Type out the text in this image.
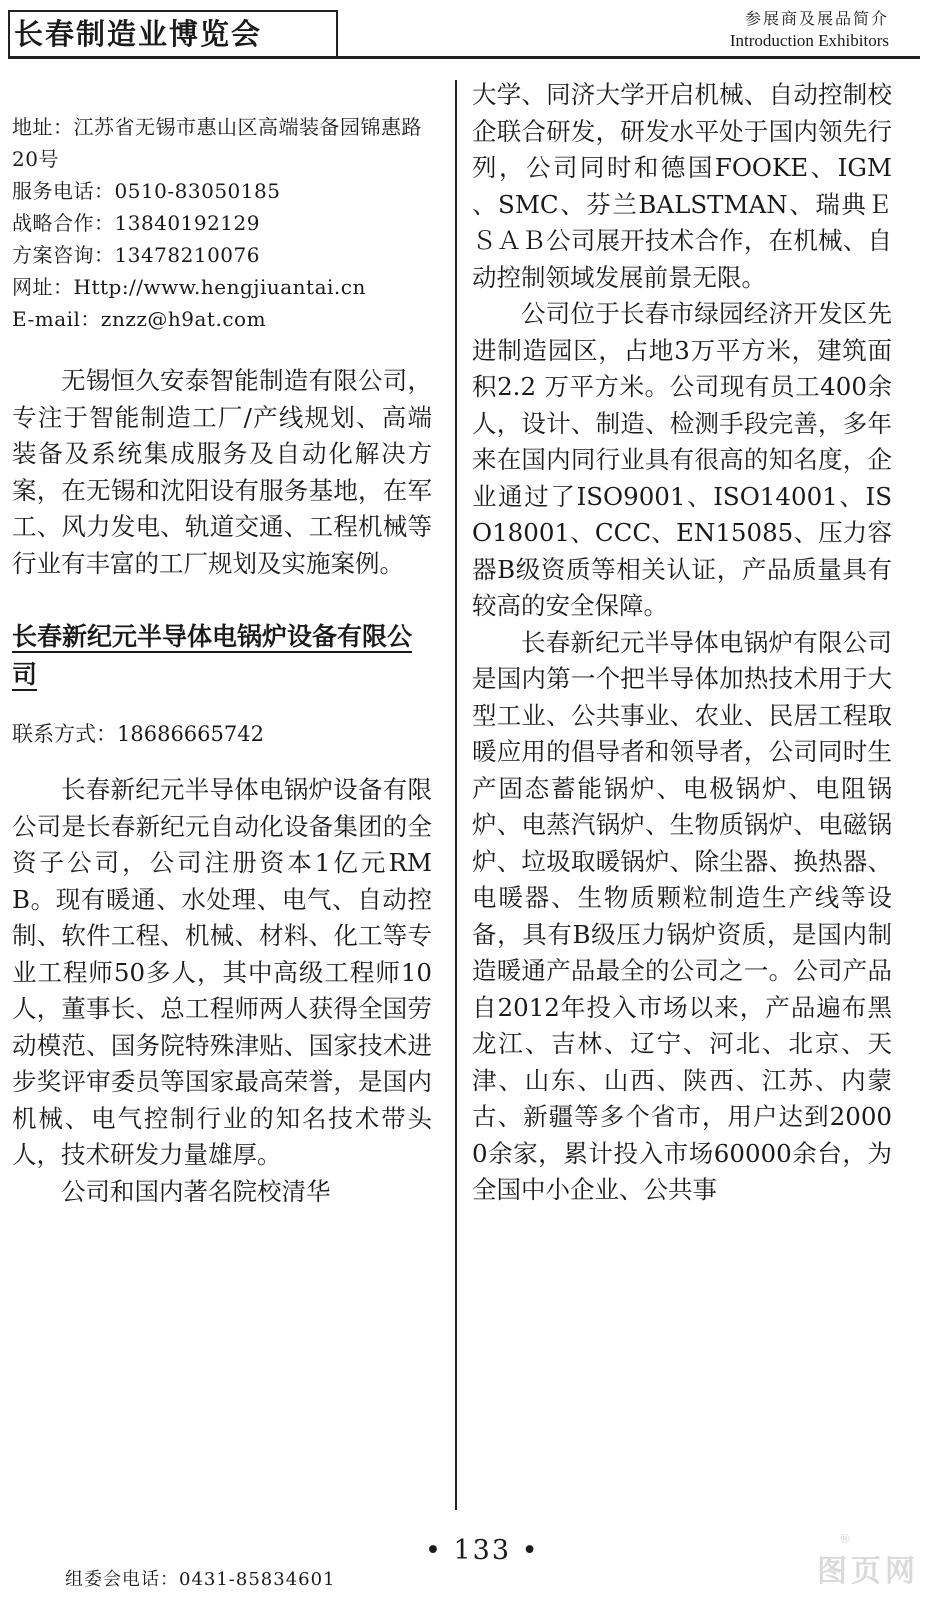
长春制造业博览会	参展商及展品简介
Introduction Exhibitors
地址：江苏省无锡市惠山区高端装备园锦惠路20号
服务电话：0510-83050185
战略合作：13840192129
方案咨询：13478210076
网址：Http://www.hengjiuantai.cn
E-mail：znzz@h9at.com

无锡恒久安泰智能制造有限公司，专注于智能制造工厂/产线规划、高端装备及系统集成服务及自动化解决方案，在无锡和沈阳设有服务基地，在军工、风力发电、轨道交通、工程机械等行业有丰富的工厂规划及实施案例。

长春新纪元半导体电锅炉设备有限公司
联系方式：18686665742

长春新纪元半导体电锅炉设备有限公司是长春新纪元自动化设备集团的全资子公司，公司注册资本1亿元RMB。现有暖通、水处理、电气、自动控制、软件工程、机械、材料、化工等专业工程师50多人，其中高级工程师10人，董事长、总工程师两人获得全国劳动模范、国务院特殊津贴、国家技术进步奖评审委员等国家最高荣誉，是国内机械、电气控制行业的知名技术带头人，技术研发力量雄厚。

公司和国内著名院校清华

大学、同济大学开启机械、自动控制校企联合研发，研发水平处于国内领先行列，公司同时和德国FOOKE、IGM 、SMC、芬兰BALSTMAN、瑞典ＥＳＡＢ公司展开技术合作，在机械、自动控制领域发展前景无限。

公司位于长春市绿园经济开发区先进制造园区，占地3万平方米，建筑面积2.2 万平方米。公司现有员工400余人，设计、制造、检测手段完善，多年来在国内同行业具有很高的知名度，企业通过了ISO9001、ISO14001、ISO18001、CCC、EN15085、压力容器B级资质等相关认证，产品质量具有较高的安全保障。

长春新纪元半导体电锅炉有限公司是国内第一个把半导体加热技术用于大型工业、公共事业、农业、民居工程取暖应用的倡导者和领导者，公司同时生产固态蓄能锅炉、电极锅炉、电阻锅炉、电蒸汽锅炉、生物质锅炉、电磁锅炉、垃圾取暖锅炉、除尘器、换热器、电暖器、生物质颗粒制造生产线等设备，具有B级压力锅炉资质，是国内制造暖通产品最全的公司之一。公司产品自2012年投入市场以来，产品遍布黑龙江、吉林、辽宁、河北、北京、天津、山东、山西、陕西、江苏、内蒙古、新疆等多个省市，用户达到20000余家，累计投入市场60000余台，为全国中小企业、公共事

组委会电话：0431-85834601
• 133 •
图页网
®
